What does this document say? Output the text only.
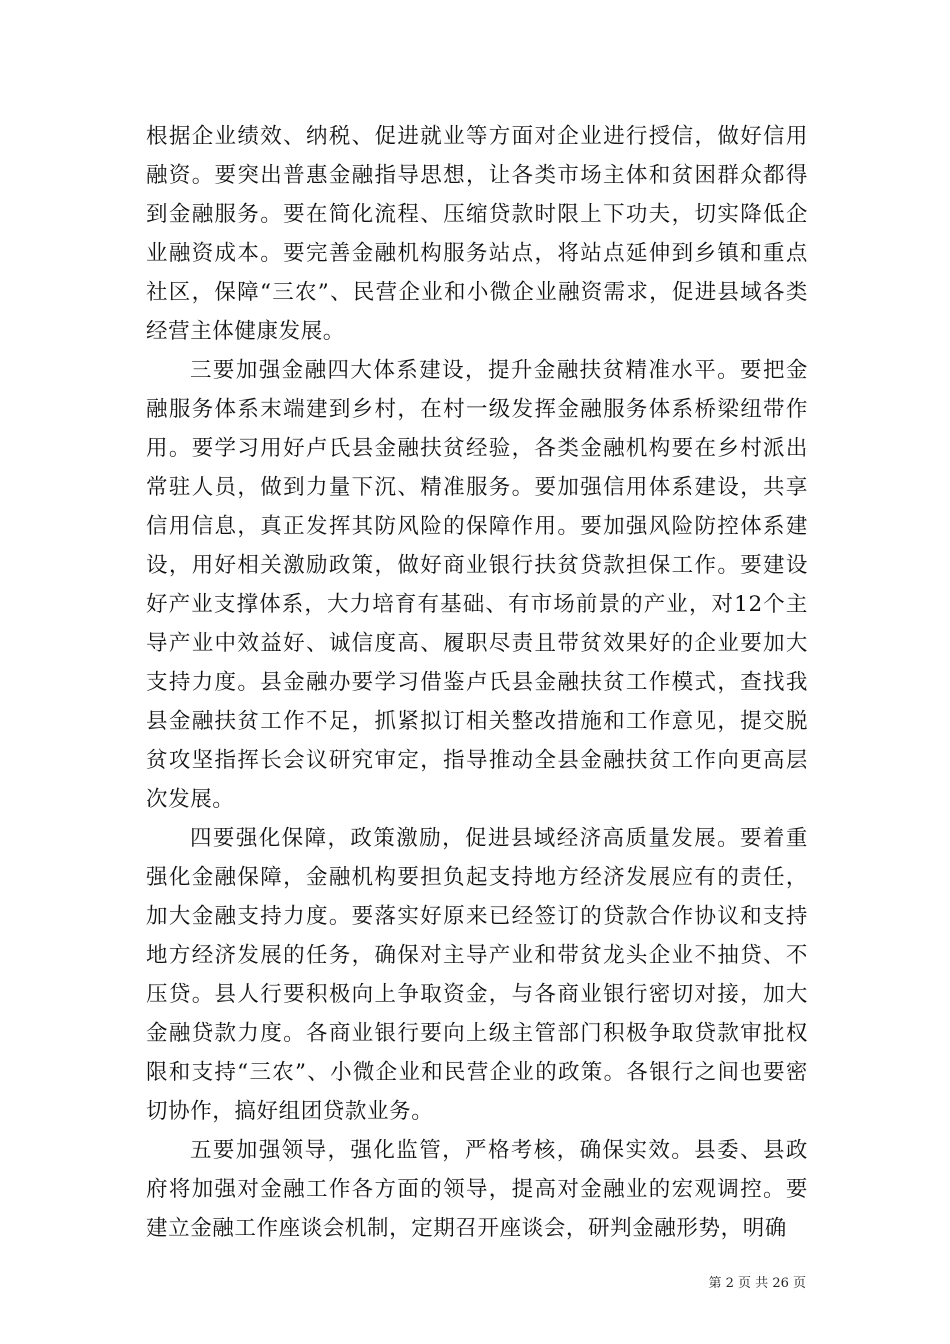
根据企业绩效、纳税、促进就业等方面对企业进行授信，做好信用融资。要突出普惠金融指导思想，让各类市场主体和贫困群众都得到金融服务。要在简化流程、压缩贷款时限上下功夫，切实降低企业融资成本。要完善金融机构服务站点，将站点延伸到乡镇和重点社区，保障“三农”、民营企业和小微企业融资需求，促进县域各类经营主体健康发展。

三要加强金融四大体系建设，提升金融扶贫精准水平。要把金融服务体系末端建到乡村，在村一级发挥金融服务体系桥梁纽带作用。要学习用好卢氏县金融扶贫经验，各类金融机构要在乡村派出常驻人员，做到力量下沉、精准服务。要加强信用体系建设，共享信用信息，真正发挥其防风险的保障作用。要加强风险防控体系建设，用好相关激励政策，做好商业银行扶贫贷款担保工作。要建设好产业支撑体系，大力培育有基础、有市场前景的产业，对12个主导产业中效益好、诚信度高、履职尽责且带贫效果好的企业要加大支持力度。县金融办要学习借鉴卢氏县金融扶贫工作模式，查找我县金融扶贫工作不足，抓紧拟订相关整改措施和工作意见，提交脱贫攻坚指挥长会议研究审定，指导推动全县金融扶贫工作向更高层次发展。

四要强化保障，政策激励，促进县域经济高质量发展。要着重强化金融保障，金融机构要担负起支持地方经济发展应有的责任，加大金融支持力度。要落实好原来已经签订的贷款合作协议和支持地方经济发展的任务，确保对主导产业和带贫龙头企业不抽贷、不压贷。县人行要积极向上争取资金，与各商业银行密切对接，加大金融贷款力度。各商业银行要向上级主管部门积极争取贷款审批权限和支持“三农”、小微企业和民营企业的政策。各银行之间也要密切协作，搞好组团贷款业务。

五要加强领导，强化监管，严格考核，确保实效。县委、县政府将加强对金融工作各方面的领导，提高对金融业的宏观调控。要建立金融工作座谈会机制，定期召开座谈会，研判金融形势，明确

第 2 页 共 26 页
